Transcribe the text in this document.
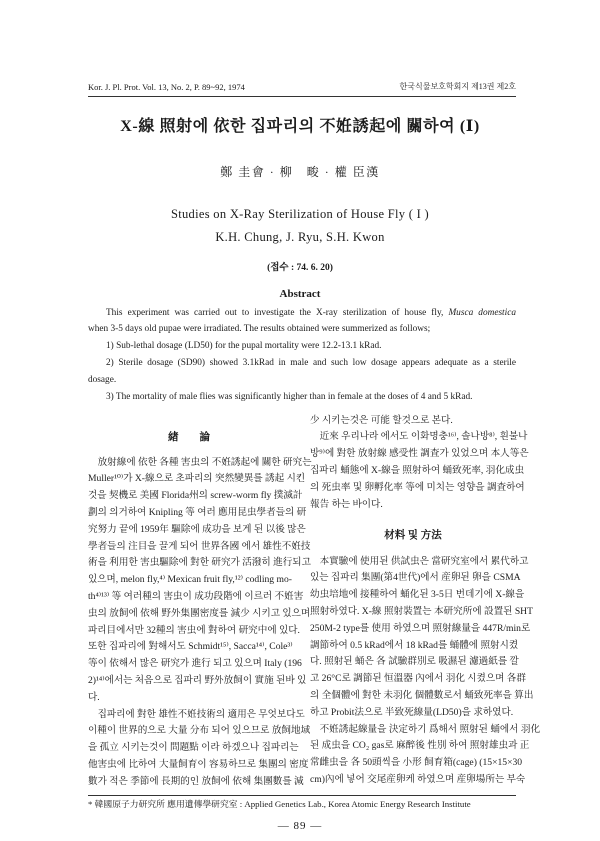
Kor. J. Pl. Prot. Vol. 13, No. 2, P. 89~92, 1974	한국식물보호학회지 제13권 제2호
X-線 照射에 依한 집파리의 不姙誘起에 關하여 (Ⅰ)
鄭 圭會 · 柳　畯 · 權 臣漢
Studies on X-Ray Sterilization of House Fly ( I )
K.H. Chung, J. Ryu, S.H. Kwon
(접수 : 74. 6. 20)
Abstract
This experiment was carried out to investigate the X-ray sterilization of house fly, Musca domestica
when 3-5 days old pupae were irradiated. The results obtained were summerized as follows;
1) Sub-lethal dosage (LD50) for the pupal mortality were 12.2-13.1 kRad.
2) Sterile dosage (SD90) showed 3.1kRad in male and such low dosage appears adequate as a sterile
dosage.
3) The mortality of male flies was significantly higher than in female at the doses of 4 and 5 kRad.
緖　　論
放射線에 依한 各種 害虫의 不姙誘起에 關한 研究는
Muller¹⁰⁾가 X-線으로 초파리의 突然變異를 誘起 시킨
것을 契機로 美國 Florida州의 screw-worm fly 撲滅計
劃의 의거하여 Knipling 等 여러 應用昆虫學者들의 研
究努力 끝에 1959年 驅除에 成功을 보게 된 以後 많은
學者들의 注目을 끌게 되어 世界各國 에서 雄性不姙技
術을 利用한 害虫驅除에 對한 研究가 活潑히 進行되고
있으며, melon fly,⁴⁾ Mexican fruit fly,¹²⁾ codling mo-
th⁴⁾¹³⁾ 等 여러種의 害虫이 成功段階에 이르러 不姙害
虫의 放飼에 依해 野外集團密度를 減少 시키고 있으며
파리目에서만 32種의 害虫에 對하여 研究中에 있다.
또한 집파리에 對해서도 Schmidt¹⁵⁾, Sacca¹⁴⁾, Cole³⁾
等이 依해서 많은 研究가 進行 되고 있으며 Italy (196
2)¹⁴⁾에서는 처음으로 집파리 野外放飼이 實施 된바 있
다.
집파리에 對한 雄性不姙技術의 適用은 무엇보다도
이種이 世界的으로 大量 分布 되어 있으므로 放飼地域
을 孤立 시키는것이 問題點 이라 하겠으나 집파리는
他害虫에 比하여 大量飼育이 容易하므로 集團의 密度
數가 적은 季節에 長期的인 放飼에 依해 集團數를 減
少 시키는것은 可能 할것으로 본다.
近來 우리나라 에서도 이화명충¹⁶⁾, 솔나방⁸⁾, 흰불나
방⁹⁾에 對한 放射線 感受性 調査가 있었으며 本人等은
집파리 蛹態에 X-線을 照射하여 蛹致死率, 羽化成虫
의 死虫率 및 卵孵化率 等에 미치는 영향을 調査하여
報告 하는 바이다.
材料 및 方法
本實驗에 使用된 供試虫은 當研究室에서 累代하고
있는 집파리 集團(第4世代)에서 産卵된 卵을 CSMA
幼虫培地에 接種하여 蛹化된 3-5日 번데기에 X-線을
照射하였다. X-線 照射裝置는 本研究所에 設置된 SHT
250M-2 type를 使用 하였으며 照射線量을 447R/min로
調節하여 0.5 kRad에서 18 kRad를 蛹體에 照射시켰
다. 照射된 蛹은 各 試驗群別로 吸濕된 濾過紙를 깔
고 26°C로 調節된 恒溫器 內에서 羽化 시켰으며 各群
의 全個體에 對한 未羽化 個體數로서 蛹致死率을 算出
하고 Probit法으로 半致死線量(LD50)을 求하였다.
不姙誘起線量을 決定하기 爲해서 照射된 蛹에서 羽化
된 成虫을 CO₂ gas로 麻醉後 性別 하여 照射雄虫과 正
常雌虫을 各 50頭씩을 小形 飼育箱(cage) (15×15×30
cm)內에 넣어 交尾産卵케 하였으며 産卵場所는 부숙
* 韓國原子力研究所 應用遺傳學研究室 : Applied Genetics Lab., Korea Atomic Energy Research Institute
— 89 —
